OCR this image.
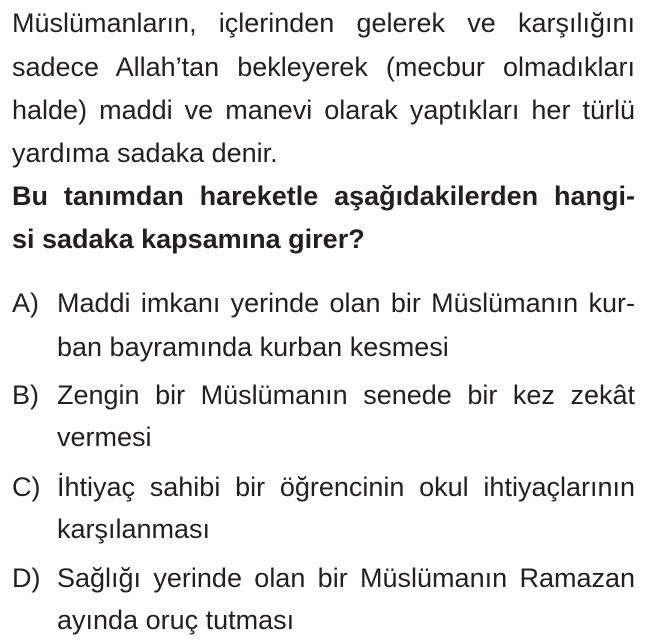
Müslümanların, içlerinden gelerek ve karşılığını
sadece Allah’tan bekleyerek (mecbur olmadıkları
halde) maddi ve manevi olarak yaptıkları her türlü
yardıma sadaka denir.
Bu tanımdan hareketle aşağıdakilerden hangi-
si sadaka kapsamına girer?
A) Maddi imkanı yerinde olan bir Müslümanın kur-
ban bayramında kurban kesmesi
B) Zengin bir Müslümanın senede bir kez zekât
vermesi
C) İhtiyaç sahibi bir öğrencinin okul ihtiyaçlarının
karşılanması
D) Sağlığı yerinde olan bir Müslümanın Ramazan
ayında oruç tutması
